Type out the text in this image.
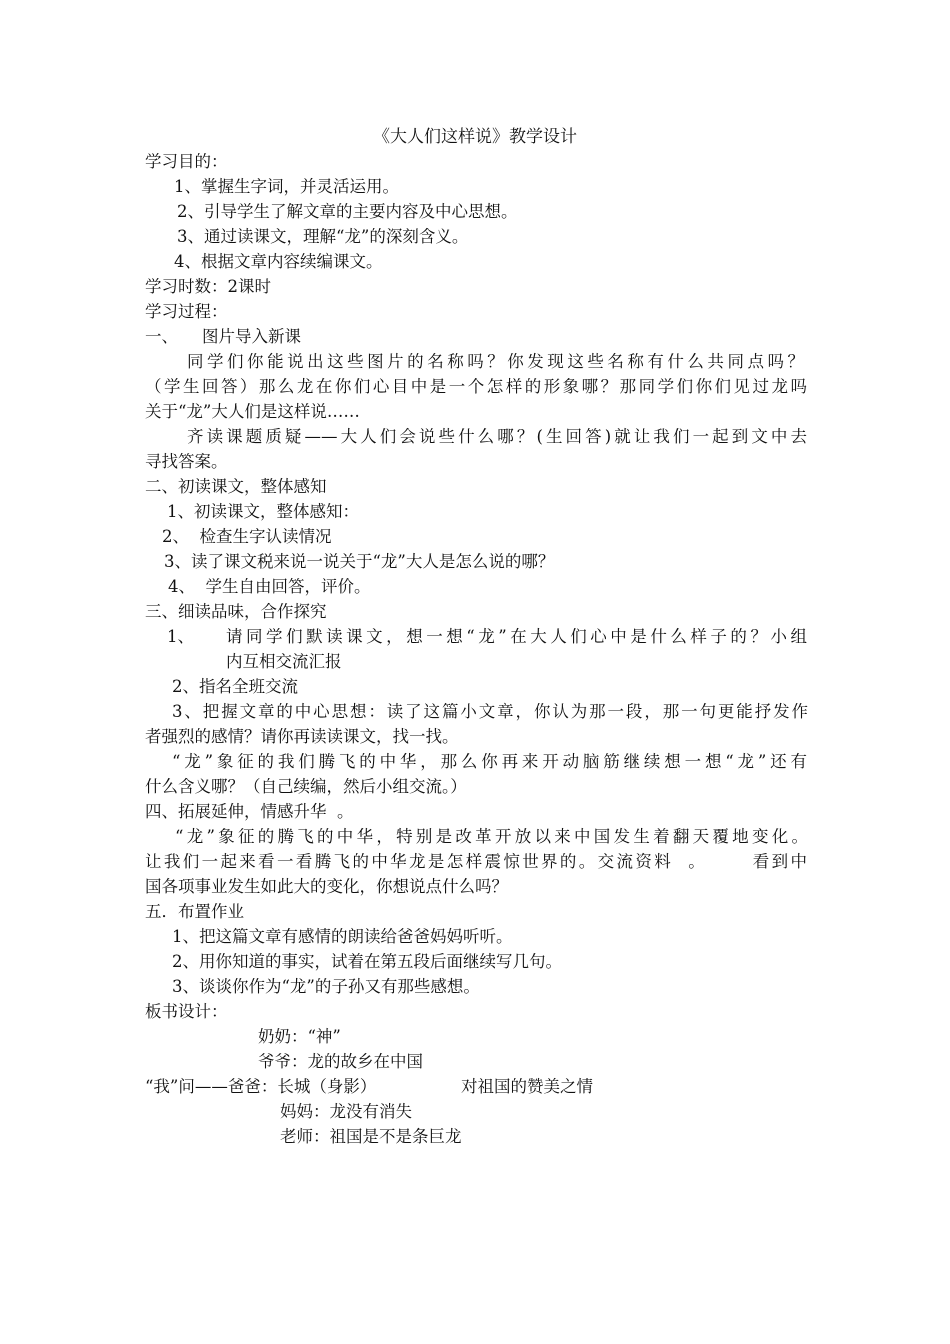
《大人们这样说》教学设计
学习目的：
1、掌握生字词，并灵活运用。
2、引导学生了解文章的主要内容及中心思想。
3、通过读课文，理解“龙”的深刻含义。
4、根据文章内容续编课文。
学习时数：2课时
学习过程：
一、 图片导入新课
同学们你能说出这些图片的名称吗？你发现这些名称有什么共同点吗？
（学生回答）那么龙在你们心目中是一个怎样的形象哪？那同学们你们见过龙吗
关于“龙”大人们是这样说……
齐读课题质疑——大人们会说些什么哪？(生回答)就让我们一起到文中去
寻找答案。
二、初读课文，整体感知
1、初读课文，整体感知：
2、  检查生字认读情况
3、读了课文税来说一说关于“龙”大人是怎么说的哪？
4、  学生自由回答，评价。
三、细读品味，合作探究
1、 请同学们默读课文，想一想“龙”在大人们心中是什么样子的？小组
内互相交流汇报
2、指名全班交流
3、把握文章的中心思想：读了这篇小文章，你认为那一段，那一句更能抒发作
者强烈的感情？请你再读读课文，找一找。
“龙”象征的我们腾飞的中华，那么你再来开动脑筋继续想一想“龙”还有
什么含义哪？（自己续编，然后小组交流。）
四、拓展延伸，情感升华  。
“龙”象征的腾飞的中华，特别是改革开放以来中国发生着翻天覆地变化。
让我们一起来看一看腾飞的中华龙是怎样震惊世界的。交流资料  。      看到中
国各项事业发生如此大的变化，你想说点什么吗？
五．布置作业
1、把这篇文章有感情的朗读给爸爸妈妈听听。
2、用你知道的事实，试着在第五段后面继续写几句。
3、谈谈你作为“龙”的子孙又有那些感想。
板书设计：
奶奶：“神”
爷爷：龙的故乡在中国
“我”问——爸爸：长城（身影）	对祖国的赞美之情
妈妈：龙没有消失
老师：祖国是不是条巨龙
